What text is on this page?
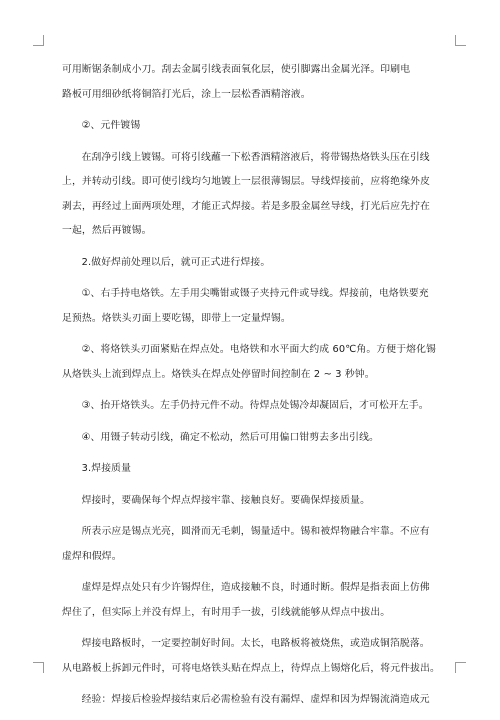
可用断锯条制成小刀。刮去金属引线表面氧化层，使引脚露出金属光泽。印刷电
路板可用细砂纸将铜箔打光后，涂上一层松香酒精溶液。

②、元件镀锡

在刮净引线上镀锡。可将引线蘸一下松香酒精溶液后，将带锡热烙铁头压在引线
上，并转动引线。即可使引线均匀地镀上一层很薄锡层。导线焊接前，应将绝缘外皮
剥去，再经过上面两项处理，才能正式焊接。若是多股金属丝导线，打光后应先拧在
一起，然后再镀锡。

2.做好焊前处理以后，就可正式进行焊接。

①、右手持电烙铁。左手用尖嘴钳或镊子夹持元件或导线。焊接前，电烙铁要充
足预热。烙铁头刃面上要吃锡，即带上一定量焊锡。

②、将烙铁头刃面紧贴在焊点处。电烙铁和水平面大约成 60℃角。方便于熔化锡
从烙铁头上流到焊点上。烙铁头在焊点处停留时间控制在 2 ~ 3 秒钟。

③、抬开烙铁头。左手仍持元件不动。待焊点处锡冷却凝固后，才可松开左手。

④、用镊子转动引线，确定不松动，然后可用偏口钳剪去多出引线。

3.焊接质量

焊接时，要确保每个焊点焊接牢靠、接触良好。要确保焊接质量。

所表示应是锡点光亮，圆滑而无毛刺，锡量适中。锡和被焊物融合牢靠。不应有
虚焊和假焊。

虚焊是焊点处只有少许锡焊住，造成接触不良，时通时断。假焊是指表面上仿佛
焊住了，但实际上并没有焊上，有时用手一拔，引线就能够从焊点中拔出。

焊接电路板时，一定要控制好时间。太长，电路板将被烧焦，或造成铜箔脱落。
从电路板上拆卸元件时，可将电烙铁头贴在焊点上，待焊点上锡熔化后，将元件拔出。

经验：焊接后检验焊接结束后必需检验有没有漏焊、虚焊和因为焊锡流淌造成元
